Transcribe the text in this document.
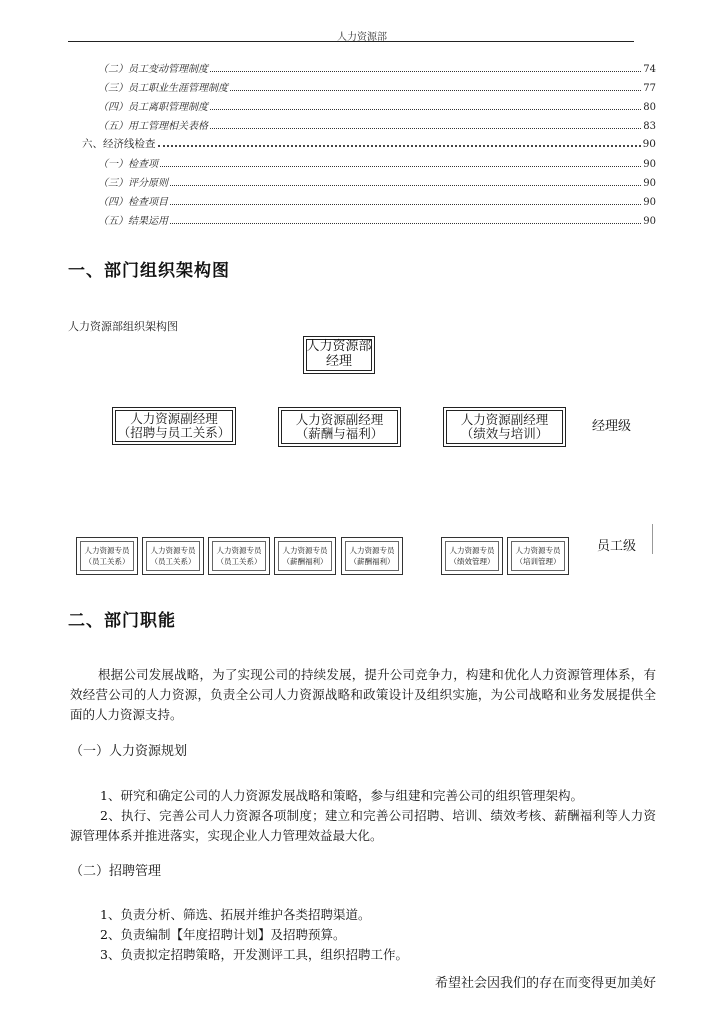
人力资源部
（二）员工变动管理制度	74
（三）员工职业生涯管理制度	77
（四）员工离职管理制度	80
（五）用工管理相关表格	83
六、经济线检查	90
（一）检查项	90
（三）评分原则	90
（四）检查项目	90
（五）结果运用	90
一、部门组织架构图
人力资源部组织架构图
人力资源部
经理
人力资源副经理
（招聘与员工关系）
人力资源副经理
（薪酬与福利）
人力资源副经理
（绩效与培训）	经理级
人力资源专员
（员工关系）
人力资源专员
（员工关系）
人力资源专员
（员工关系）
人力资源专员
（薪酬福利）
人力资源专员
（薪酬福利）
人力资源专员
（绩效管理）
人力资源专员
（培训管理）
员工级
二、部门职能
根据公司发展战略，为了实现公司的持续发展，提升公司竞争力，构建和优化人力资源管理体系，有效经营公司的人力资源，负责全公司人力资源战略和政策设计及组织实施，为公司战略和业务发展提供全面的人力资源支持。
（一）人力资源规划
1、研究和确定公司的人力资源发展战略和策略，参与组建和完善公司的组织管理架构。
2、执行、完善公司人力资源各项制度；建立和完善公司招聘、培训、绩效考核、薪酬福利等人力资源管理体系并推进落实，实现企业人力管理效益最大化。
（二）招聘管理
1、负责分析、筛选、拓展并维护各类招聘渠道。
2、负责编制【年度招聘计划】及招聘预算。
3、负责拟定招聘策略，开发测评工具，组织招聘工作。
希望社会因我们的存在而变得更加美好
